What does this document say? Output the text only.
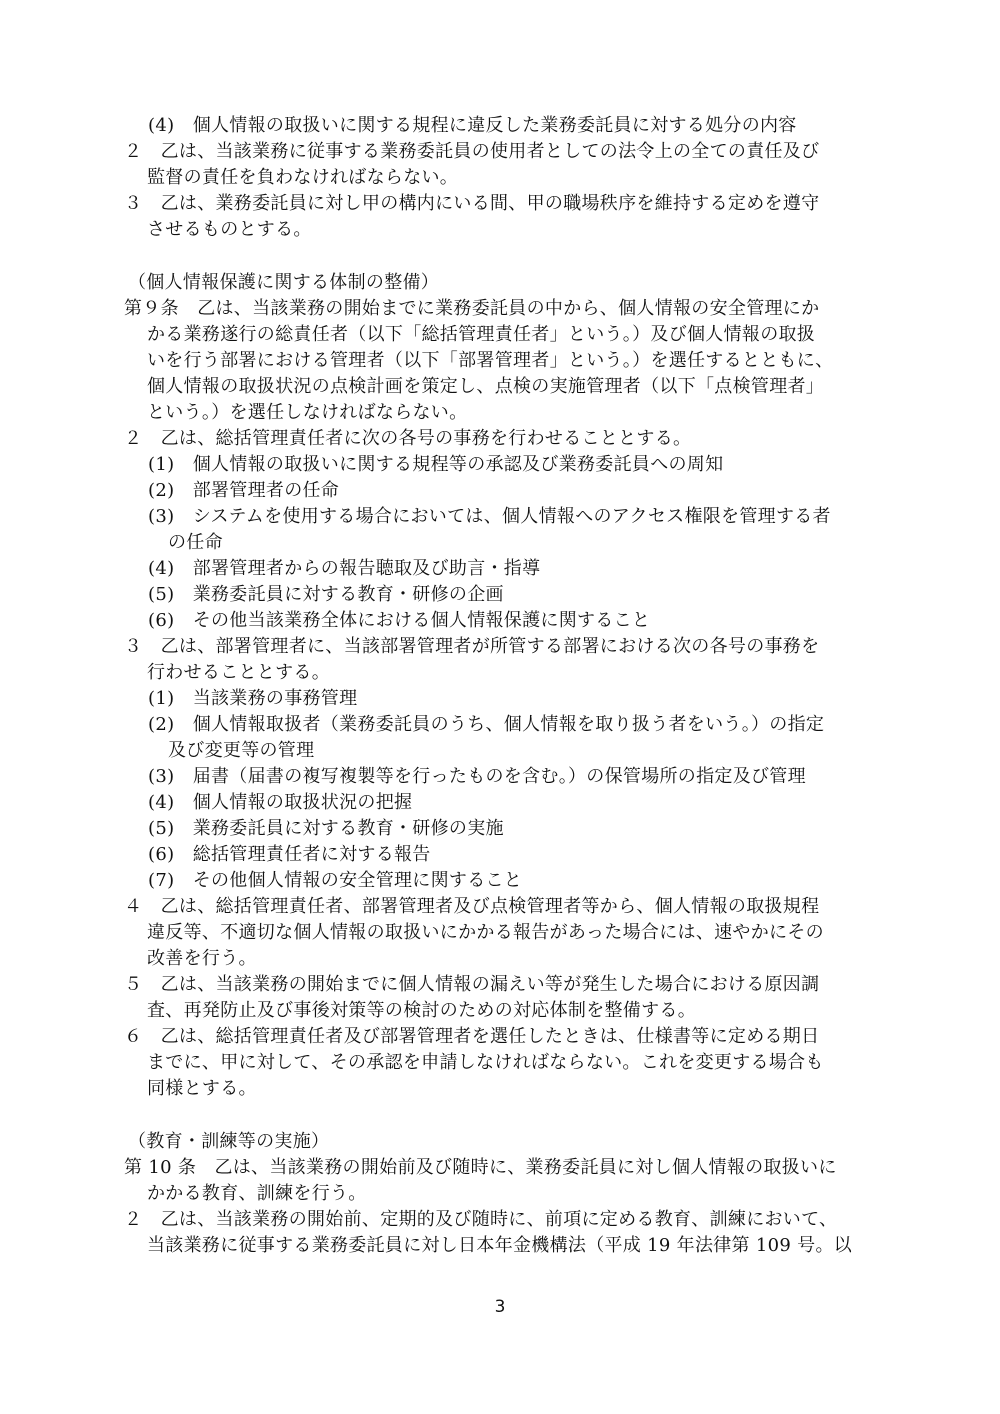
(4)　個人情報の取扱いに関する規程に違反した業務委託員に対する処分の内容
２　乙は、当該業務に従事する業務委託員の使用者としての法令上の全ての責任及び
監督の責任を負わなければならない。
３　乙は、業務委託員に対し甲の構内にいる間、甲の職場秩序を維持する定めを遵守
させるものとする。
（個人情報保護に関する体制の整備）
第９条　乙は、当該業務の開始までに業務委託員の中から、個人情報の安全管理にか
かる業務遂行の総責任者（以下「総括管理責任者」という。）及び個人情報の取扱
いを行う部署における管理者（以下「部署管理者」という。）を選任するとともに、
個人情報の取扱状況の点検計画を策定し、点検の実施管理者（以下「点検管理者」
という。）を選任しなければならない。
２　乙は、総括管理責任者に次の各号の事務を行わせることとする。
(1)　個人情報の取扱いに関する規程等の承認及び業務委託員への周知
(2)　部署管理者の任命
(3)　システムを使用する場合においては、個人情報へのアクセス権限を管理する者
の任命
(4)　部署管理者からの報告聴取及び助言・指導
(5)　業務委託員に対する教育・研修の企画
(6)　その他当該業務全体における個人情報保護に関すること
３　乙は、部署管理者に、当該部署管理者が所管する部署における次の各号の事務を
行わせることとする。
(1)　当該業務の事務管理
(2)　個人情報取扱者（業務委託員のうち、個人情報を取り扱う者をいう。）の指定
及び変更等の管理
(3)　届書（届書の複写複製等を行ったものを含む。）の保管場所の指定及び管理
(4)　個人情報の取扱状況の把握
(5)　業務委託員に対する教育・研修の実施
(6)　総括管理責任者に対する報告
(7)　その他個人情報の安全管理に関すること
４　乙は、総括管理責任者、部署管理者及び点検管理者等から、個人情報の取扱規程
違反等、不適切な個人情報の取扱いにかかる報告があった場合には、速やかにその
改善を行う。
５　乙は、当該業務の開始までに個人情報の漏えい等が発生した場合における原因調
査、再発防止及び事後対策等の検討のための対応体制を整備する。
６　乙は、総括管理責任者及び部署管理者を選任したときは、仕様書等に定める期日
までに、甲に対して、その承認を申請しなければならない。これを変更する場合も
同様とする。
（教育・訓練等の実施）
第 10 条　乙は、当該業務の開始前及び随時に、業務委託員に対し個人情報の取扱いに
かかる教育、訓練を行う。
２　乙は、当該業務の開始前、定期的及び随時に、前項に定める教育、訓練において、
当該業務に従事する業務委託員に対し日本年金機構法（平成 19 年法律第 109 号。以
3
